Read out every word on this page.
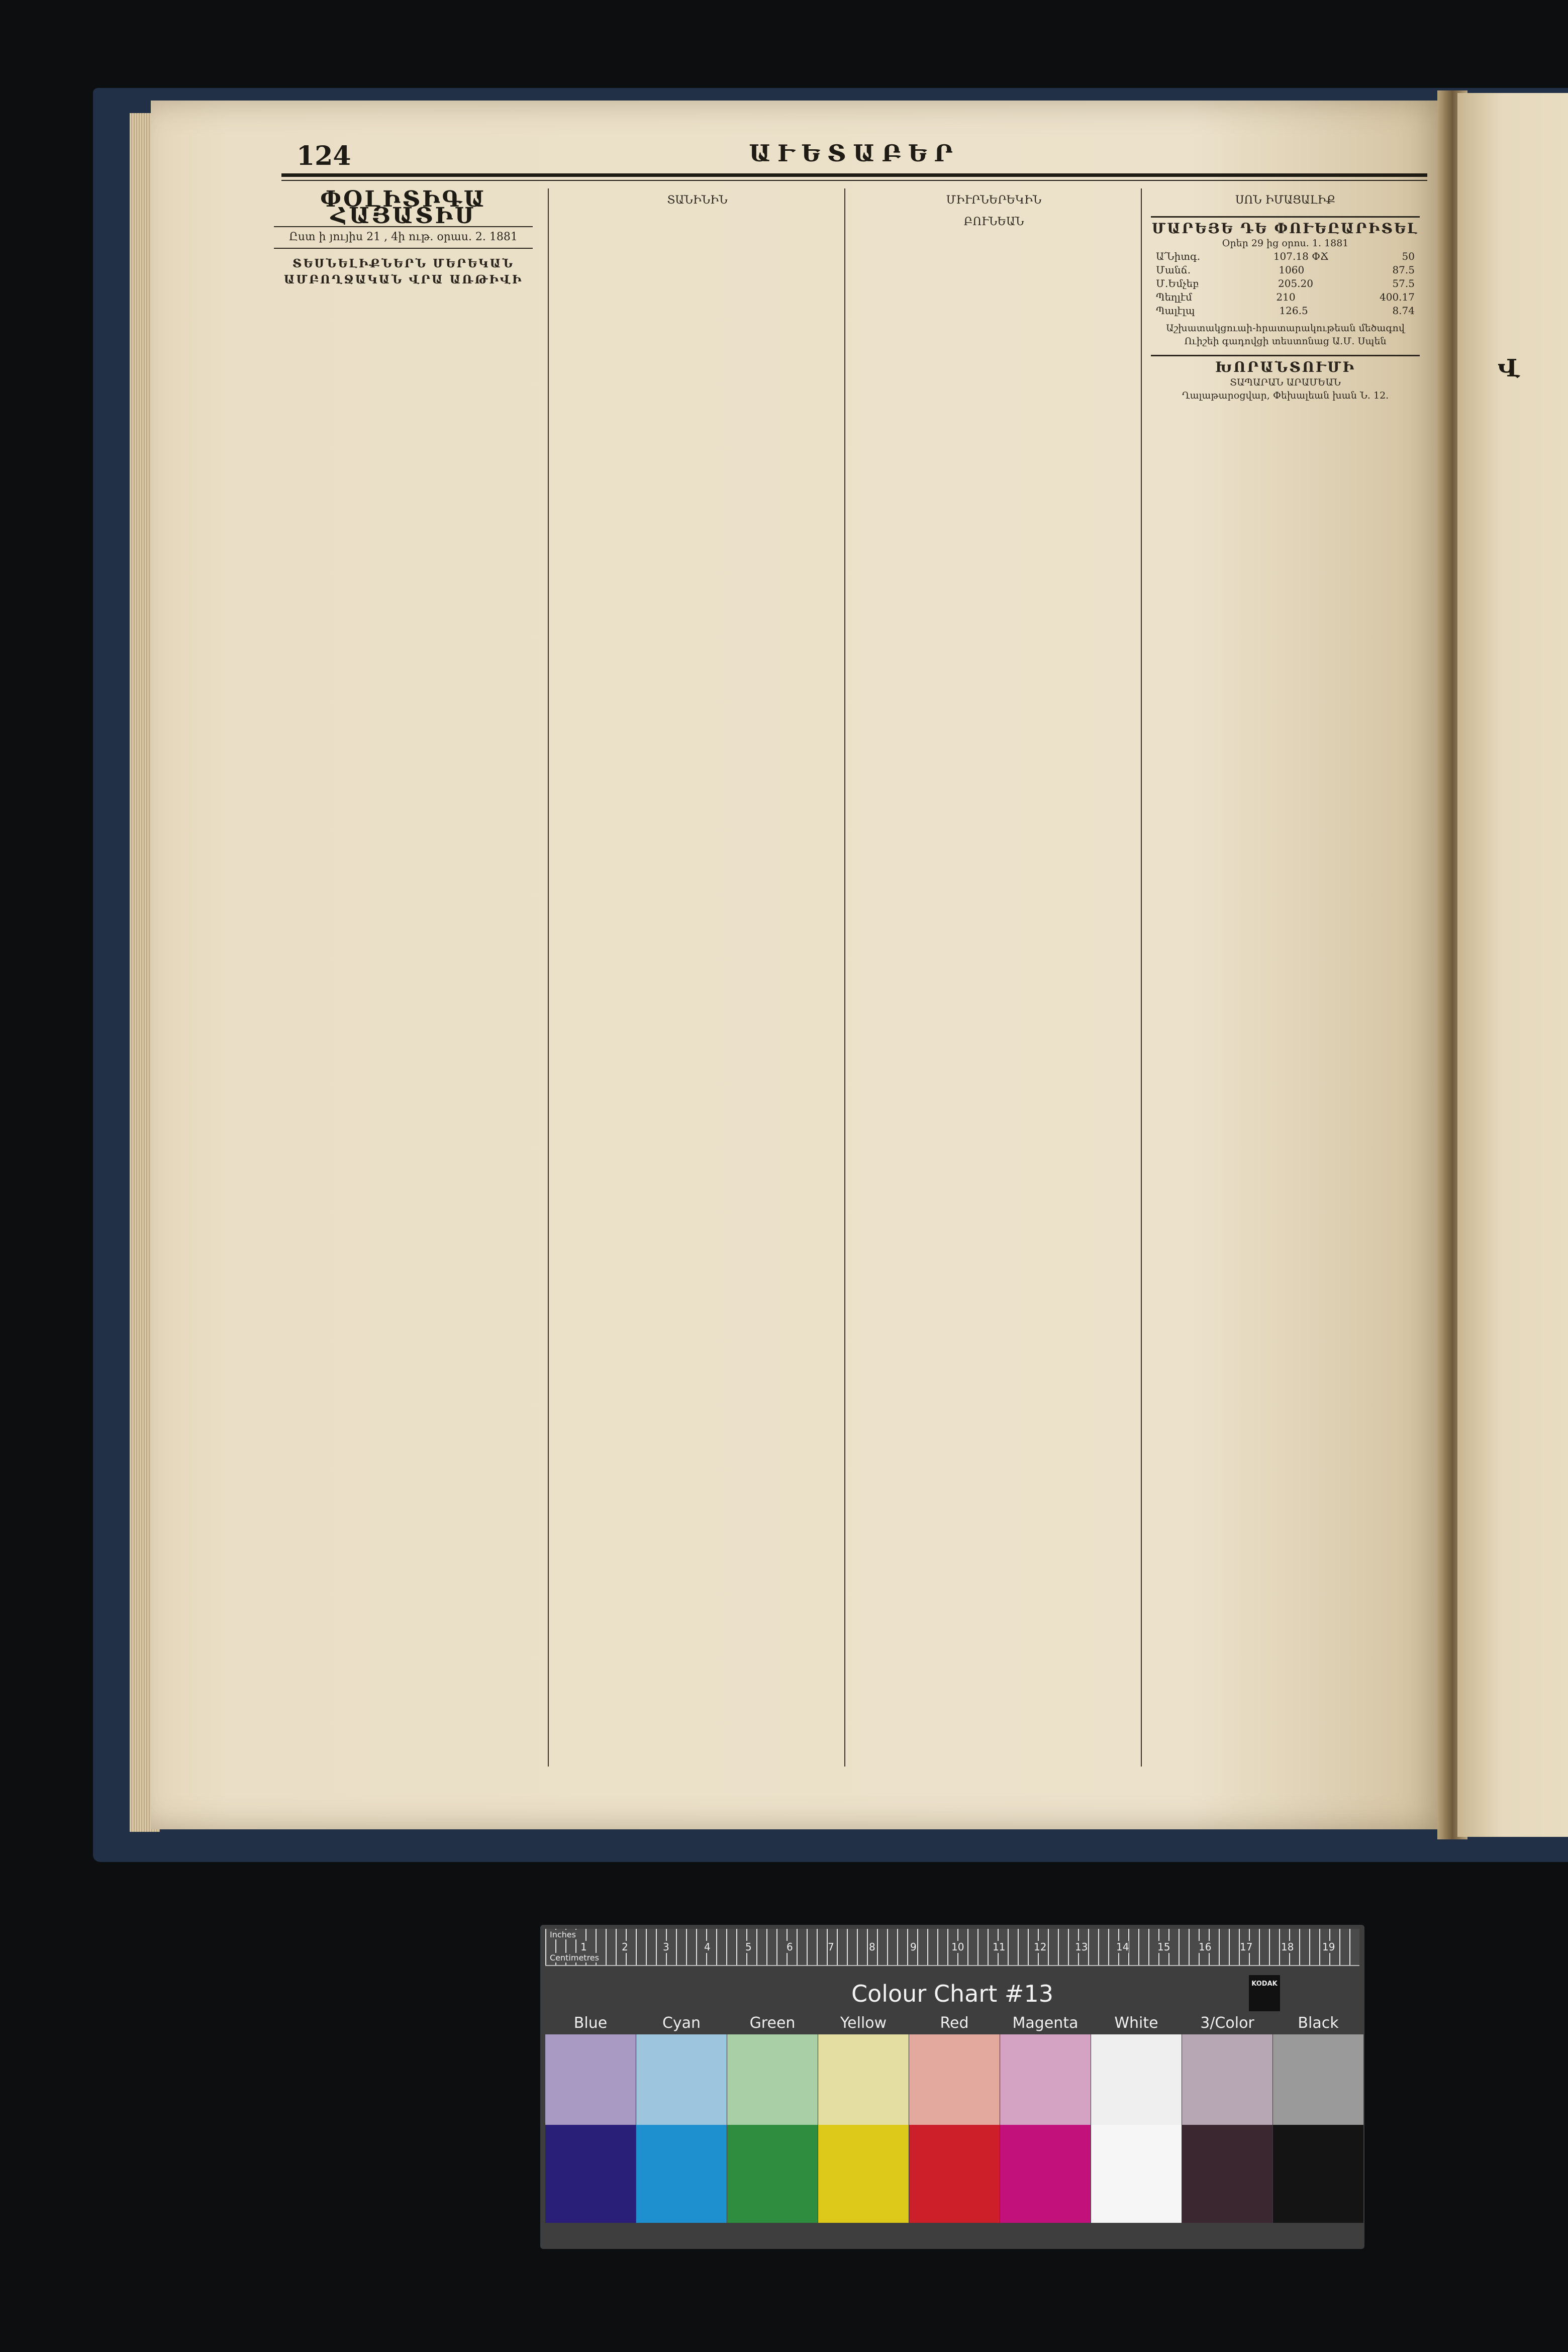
Վ
124	ԱՒԵՏԱԲԵՐ
ՓՕԼԻՏԻԳԱ ՀԱՅԱՏԻՍ
Ըստ ի յույիս 21 , 4ի ութ. օրաս. 2. 1881
ՏԵՍՆԵԼԻՔՆԵՐՆ ՄԵՐԵԿԱՆ ԱՄԲՈՂՋԱԿԱՆ ՎՐԱ ԱՌԹԻՎԻ
ՏԱՆԻՆԻՆ	ՄԻՒՐՆԵՐԵԿԻՆ
ԲՈՒՆԵԱՆ
ՍՈՆ ԻՄԱՑԱԼԻՔ
ՄԱՐԵՅԵ ԴԵ ՓՈՒԵԸԱՐԻՏԵԼ
Օրեր 29 ից օրոս. 1. 1881
Ա՛Նիտգ.	107.18 ՓՃ	50
Մանճ.	1060	87.5
Մ.Եմչեբ	205.20	57.5
Պեղլէմ	210	400.17
Պալէլպ	126.5	8.74
Աշխատակցուաի-հրատարակութեան մեծագով Ուիշեի գադովցի տեստոնաց Ա.Մ. Սպեն
ԽՈՐԱՆՏՈՒՄԻ
ՏԱՊԱՐԱՆ ԱՐԱՄԵԱՆ
Ղալաթարօցվար, Փեխալեան խան Ն. 12.
Inches
Centimetres
1	2	3	4	5	6	7	8	9	10	11	12	13	14	15	16	17	18	19
Colour Chart #13	KODAK
Blue	Cyan	Green	Yellow	Red	Magenta	White	3/Color	Black
